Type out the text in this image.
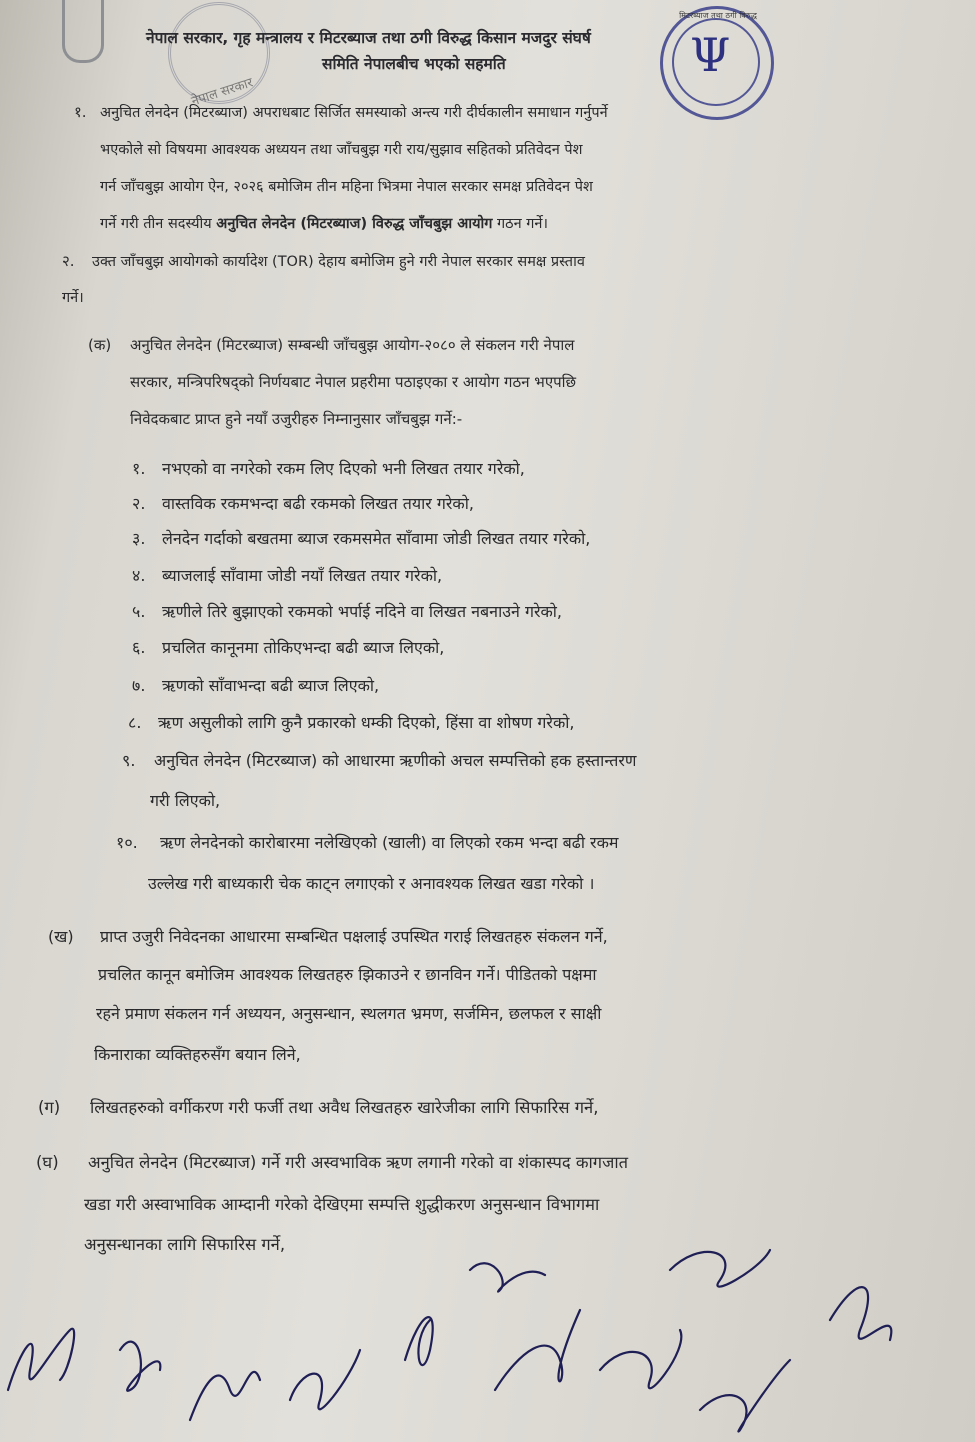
नेपाल सरकार
मिटरब्याज तथा ठगी विरुद्ध
Ψ
नेपाल सरकार, गृह मन्त्रालय र मिटरब्याज तथा ठगी विरुद्ध किसान मजदुर संघर्ष
समिति नेपालबीच भएको सहमति
१. अनुचित लेनदेन (मिटरब्याज) अपराधबाट सिर्जित समस्याको अन्त्य गरी दीर्घकालीन समाधान गर्नुपर्ने
भएकोले सो विषयमा आवश्यक अध्ययन तथा जाँचबुझ गरी राय/सुझाव सहितको प्रतिवेदन पेश
गर्न जाँचबुझ आयोग ऐन, २०२६ बमोजिम तीन महिना भित्रमा नेपाल सरकार समक्ष प्रतिवेदन पेश
गर्ने गरी तीन सदस्यीय अनुचित लेनदेन (मिटरब्याज) विरुद्ध जाँचबुझ आयोग गठन गर्ने।
२. उक्त जाँचबुझ आयोगको कार्यादेश (TOR) देहाय बमोजिम हुने गरी नेपाल सरकार समक्ष प्रस्ताव
गर्ने।
(क) अनुचित लेनदेन (मिटरब्याज) सम्बन्धी जाँचबुझ आयोग-२०८० ले संकलन गरी नेपाल
सरकार, मन्त्रिपरिषद्को निर्णयबाट नेपाल प्रहरीमा पठाइएका र आयोग गठन भएपछि
निवेदकबाट प्राप्त हुने नयाँ उजुरीहरु निम्नानुसार जाँचबुझ गर्ने:-
१. नभएको वा नगरेको रकम लिए दिएको भनी लिखत तयार गरेको,
२. वास्तविक रकमभन्दा बढी रकमको लिखत तयार गरेको,
३. लेनदेन गर्दाको बखतमा ब्याज रकमसमेत साँवामा जोडी लिखत तयार गरेको,
४. ब्याजलाई साँवामा जोडी नयाँ लिखत तयार गरेको,
५. ऋणीले तिरे बुझाएको रकमको भर्पाई नदिने वा लिखत नबनाउने गरेको,
६. प्रचलित कानूनमा तोकिएभन्दा बढी ब्याज लिएको,
७. ऋणको साँवाभन्दा बढी ब्याज लिएको,
८. ऋण असुलीको लागि कुनै प्रकारको धम्की दिएको, हिंसा वा शोषण गरेको,
९. अनुचित लेनदेन (मिटरब्याज) को आधारमा ऋणीको अचल सम्पत्तिको हक हस्तान्तरण
गरी लिएको,
१०. ऋण लेनदेनको कारोबारमा नलेखिएको (खाली) वा लिएको रकम भन्दा बढी रकम
उल्लेख गरी बाध्यकारी चेक काट्न लगाएको र अनावश्यक लिखत खडा गरेको ।
(ख) प्राप्त उजुरी निवेदनका आधारमा सम्बन्धित पक्षलाई उपस्थित गराई लिखतहरु संकलन गर्ने,
प्रचलित कानून बमोजिम आवश्यक लिखतहरु झिकाउने र छानविन गर्ने। पीडितको पक्षमा
रहने प्रमाण संकलन गर्न अध्ययन, अनुसन्धान, स्थलगत भ्रमण, सर्जमिन, छलफल र साक्षी
किनाराका व्यक्तिहरुसँग बयान लिने,
(ग) लिखतहरुको वर्गीकरण गरी फर्जी तथा अवैध लिखतहरु खारेजीका लागि सिफारिस गर्ने,
(घ) अनुचित लेनदेन (मिटरब्याज) गर्ने गरी अस्वभाविक ऋण लगानी गरेको वा शंकास्पद कागजात
खडा गरी अस्वाभाविक आम्दानी गरेको देखिएमा सम्पत्ति शुद्धीकरण अनुसन्धान विभागमा
अनुसन्धानका लागि सिफारिस गर्ने,
